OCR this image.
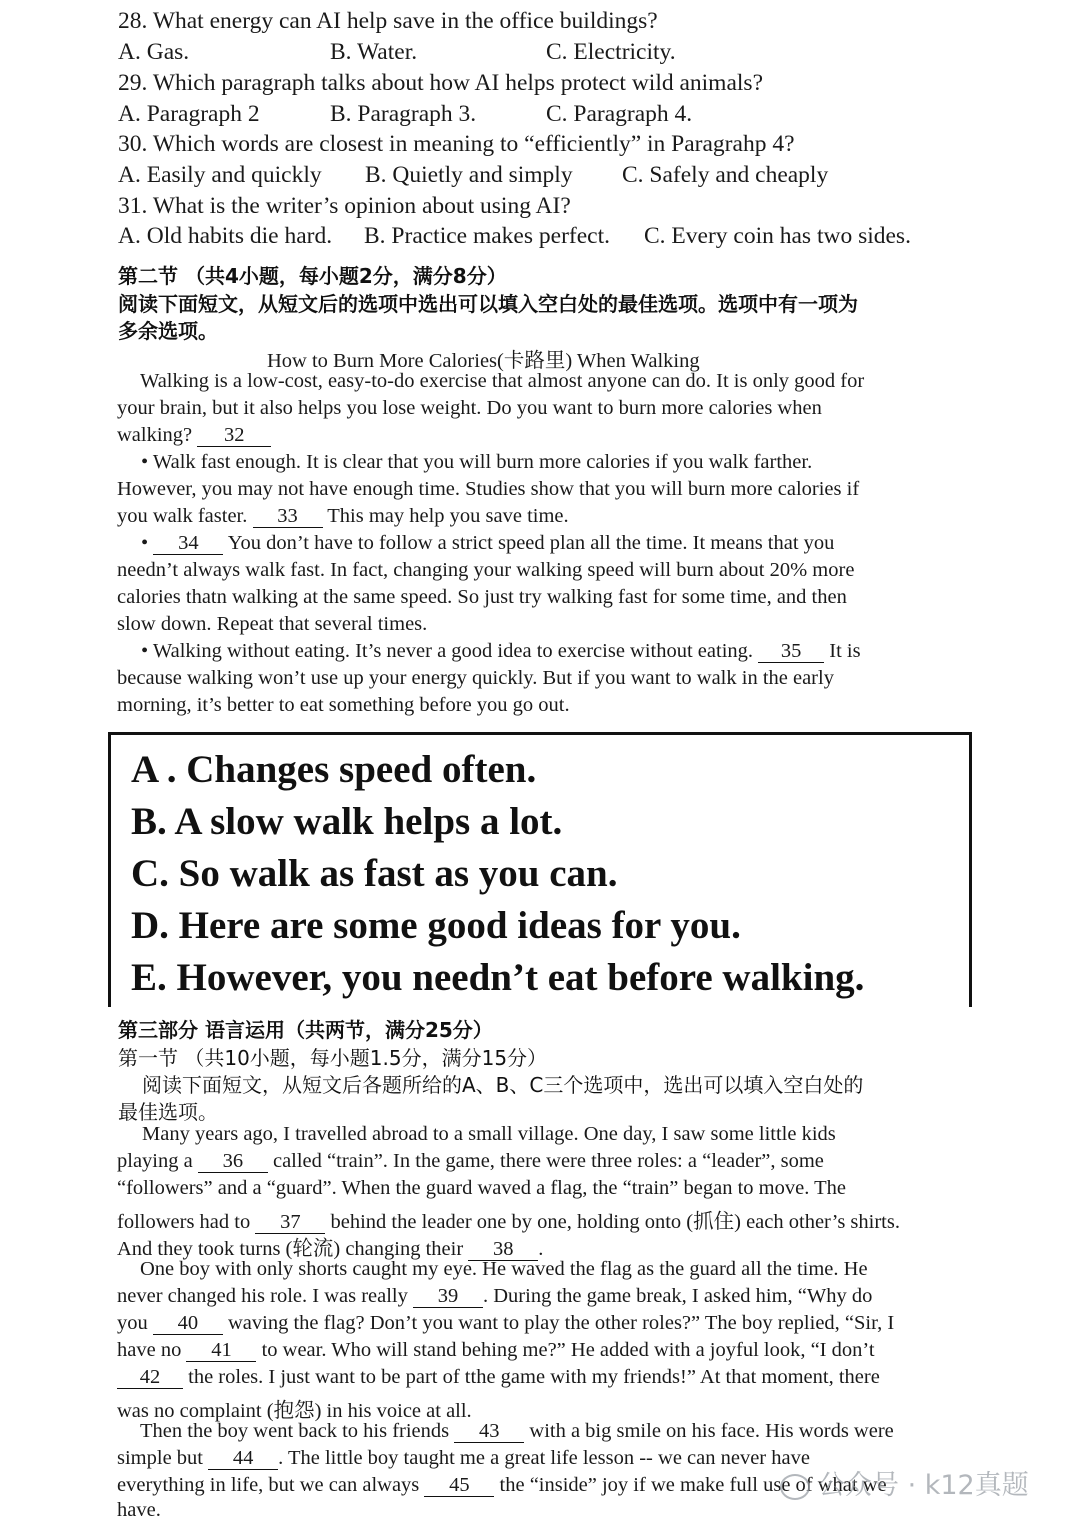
28. What energy can AI help save in the office buildings?
A. Gas.	B. Water.	C. Electricity.
29. Which paragraph talks about how AI helps protect wild animals?
A. Paragraph 2	B. Paragraph 3.	C. Paragraph 4.
30. Which words are closest in meaning to “efficiently” in Paragrahp 4?
A. Easily and quickly B. Quietly and simply C. Safely and cheaply
31. What is the writer’s opinion about using AI?
A. Old habits die hard. B. Practice makes perfect. C. Every coin has two sides.
第二节 （共4小题，每小题2分，满分8分）
阅读下面短文，从短文后的选项中选出可以填入空白处的最佳选项。选项中有一项为
多余选项。
How to Burn More Calories(卡路里) When Walking
Walking is a low-cost, easy-to-do exercise that almost anyone can do. It is only good for
your brain, but it also helps you lose weight. Do you want to burn more calories when
walking? 32
• Walk fast enough. It is clear that you will burn more calories if you walk farther.
However, you may not have enough time. Studies show that you will burn more calories if
you walk faster. 33 This may help you save time.
• 34 You don’t have to follow a strict speed plan all the time. It means that you
needn’t always walk fast. In fact, changing your walking speed will burn about 20% more
calories thatn walking at the same speed. So just try walking fast for some time, and then
slow down. Repeat that several times.
• Walking without eating. It’s never a good idea to exercise without eating. 35 It is
because walking won’t use up your energy quickly. But if you want to walk in the early
morning, it’s better to eat something before you go out.
A . Changes speed often.
B. A slow walk helps a lot.
C. So walk as fast as you can.
D. Here are some good ideas for you.
E. However, you needn’t eat before walking.
第三部分 语言运用（共两节，满分25分）
第一节 （共10小题，每小题1.5分，满分15分）
阅读下面短文，从短文后各题所给的A、B、C三个选项中，选出可以填入空白处的
最佳选项。
Many years ago, I travelled abroad to a small village. One day, I saw some little kids
playing a 36 called “train”. In the game, there were three roles: a “leader”, some
“followers” and a “guard”. When the guard waved a flag, the “train” began to move. The
followers had to 37 behind the leader one by one, holding onto (抓住) each other’s shirts.
And they took turns (轮流) changing their 38 .
One boy with only shorts caught my eye. He waved the flag as the guard all the time. He
never changed his role. I was really 39 . During the game break, I asked him, “Why do
you 40 waving the flag? Don’t you want to play the other roles?” The boy replied, “Sir, I
have no 41 to wear. Who will stand behing me?” He added with a joyful look, “I don’t
42 the roles. I just want to be part of tthe game with my friends!” At that moment, there
was no complaint (抱怨) in his voice at all.
Then the boy went back to his friends 43 with a big smile on his face. His words were
simple but 44 . The little boy taught me a great life lesson -- we can never have
everything in life, but we can always 45 the “inside” joy if we make full use of what we
have.
公众号 · k12真题
